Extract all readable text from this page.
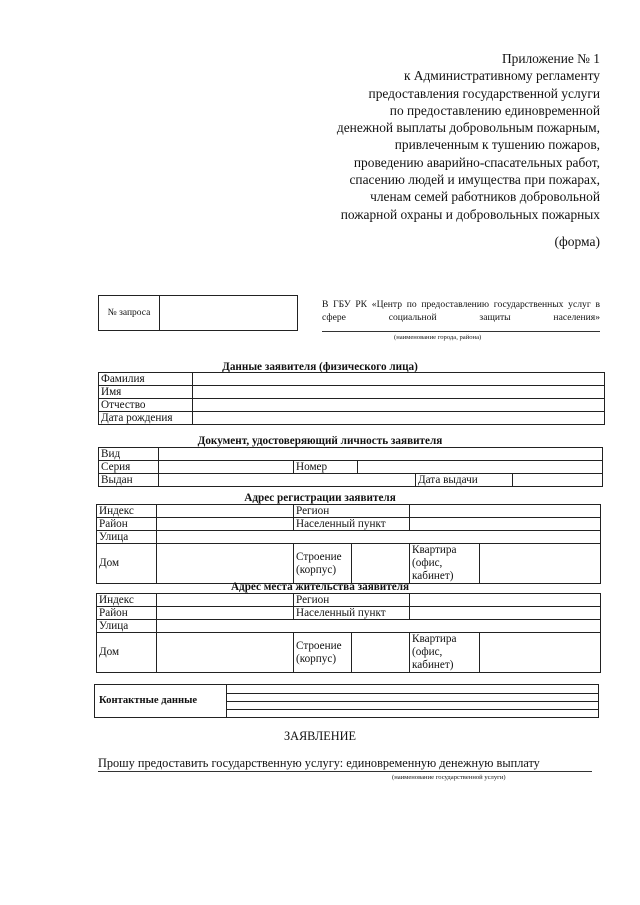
Приложение № 1
к Административному регламенту
предоставления государственной услуги
по предоставлению единовременной
денежной выплаты добровольным пожарным,
привлеченным к тушению пожаров,
проведению аварийно-спасательных работ,
спасению людей и имущества при пожарах,
членам семей работников добровольной
пожарной охраны и добровольных пожарных
(форма)
№ запроса
В ГБУ РК «Центр по предоставлению государственных услуг в сфере социальной защиты населения»
(наименование города, района)
Данные заявителя (физического лица)
Фамилия	
Имя	
Отчество	
Дата рождения	
Документ, удостоверяющий личность заявителя
Вид					
Серия		Номер			
Выдан				Дата выдачи	
Адрес регистрации заявителя
Индекс		Регион			
Район		Населенный пункт			
Улица					
Дом		Строение (корпус)		Квартира (офис, кабинет)	
Адрес места жительства заявителя
Индекс		Регион			
Район		Населенный пункт			
Улица					
Дом		Строение (корпус)		Квартира (офис, кабинет)	
Контактные данные
ЗАЯВЛЕНИЕ
Прошу предоставить государственную услугу: единовременную денежную выплату
(наименование государственной услуги)
